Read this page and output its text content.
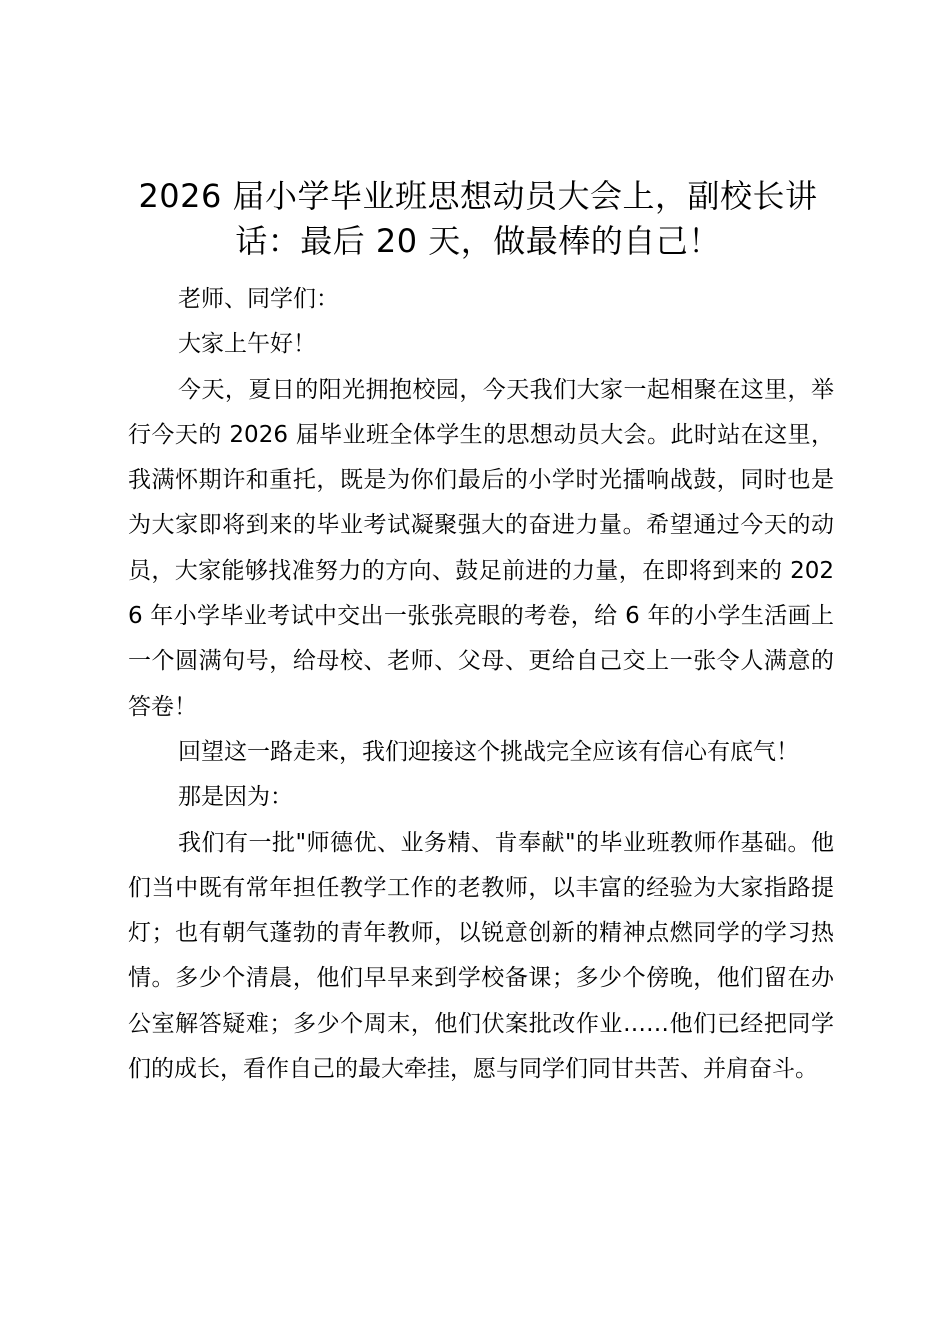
2026 届小学毕业班思想动员大会上，副校长讲话：最后 20 天，做最棒的自己！

老师、同学们：

大家上午好！

今天，夏日的阳光拥抱校园，今天我们大家一起相聚在这里，举行今天的 2026 届毕业班全体学生的思想动员大会。此时站在这里，我满怀期许和重托，既是为你们最后的小学时光擂响战鼓，同时也是为大家即将到来的毕业考试凝聚强大的奋进力量。希望通过今天的动员，大家能够找准努力的方向、鼓足前进的力量，在即将到来的 2026 年小学毕业考试中交出一张张亮眼的考卷，给 6 年的小学生活画上一个圆满句号，给母校、老师、父母、更给自己交上一张令人满意的答卷！

回望这一路走来，我们迎接这个挑战完全应该有信心有底气！

那是因为：

我们有一批"师德优、业务精、肯奉献"的毕业班教师作基础。他们当中既有常年担任教学工作的老教师，以丰富的经验为大家指路提灯；也有朝气蓬勃的青年教师，以锐意创新的精神点燃同学的学习热情。多少个清晨，他们早早来到学校备课；多少个傍晚，他们留在办公室解答疑难；多少个周末，他们伏案批改作业……他们已经把同学们的成长，看作自己的最大牵挂，愿与同学们同甘共苦、并肩奋斗。
